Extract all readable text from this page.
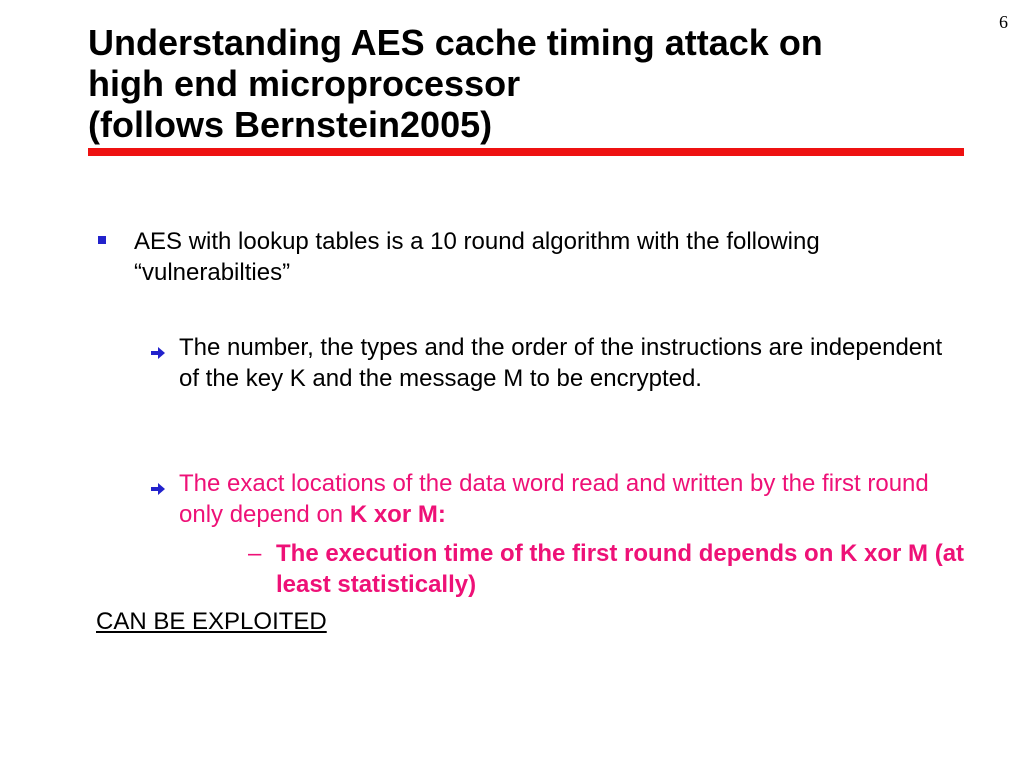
6
Understanding AES cache timing attack on
high end microprocessor
(follows Bernstein2005)
AES with lookup tables is a 10 round algorithm with the following “vulnerabilties”
The number, the types and the order of the instructions are independent of the key K and the message M to be encrypted.
The exact locations of the data word read and written by the first round only depend on K xor M:
– The execution time of the first round depends on K xor M (at least statistically)
CAN BE EXPLOITED
